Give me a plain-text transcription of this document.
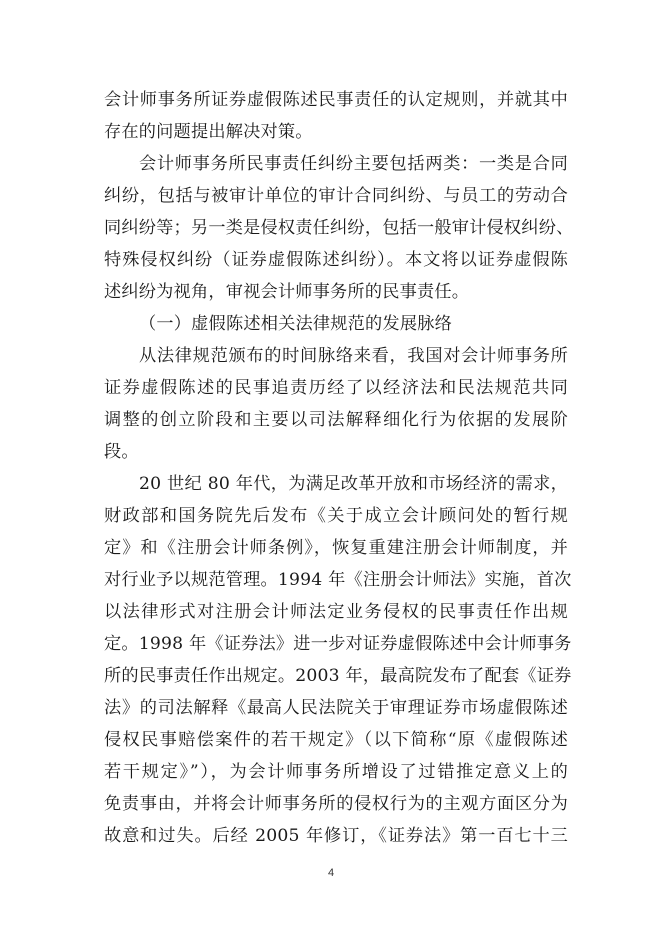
会计师事务所证券虚假陈述民事责任的认定规则，并就其中
存在的问题提出解决对策。
会计师事务所民事责任纠纷主要包括两类：一类是合同
纠纷，包括与被审计单位的审计合同纠纷、与员工的劳动合
同纠纷等；另一类是侵权责任纠纷，包括一般审计侵权纠纷、
特殊侵权纠纷（证券虚假陈述纠纷）。本文将以证券虚假陈
述纠纷为视角，审视会计师事务所的民事责任。
（一）虚假陈述相关法律规范的发展脉络
从法律规范颁布的时间脉络来看，我国对会计师事务所
证券虚假陈述的民事追责历经了以经济法和民法规范共同
调整的创立阶段和主要以司法解释细化行为依据的发展阶
段。
20 世纪 80 年代，为满足改革开放和市场经济的需求，
财政部和国务院先后发布《关于成立会计顾问处的暂行规
定》和《注册会计师条例》，恢复重建注册会计师制度，并
对行业予以规范管理。1994 年《注册会计师法》实施，首次
以法律形式对注册会计师法定业务侵权的民事责任作出规
定。1998 年《证券法》进一步对证券虚假陈述中会计师事务
所的民事责任作出规定。2003 年，最高院发布了配套《证券
法》的司法解释《最高人民法院关于审理证券市场虚假陈述
侵权民事赔偿案件的若干规定》（以下简称“原《虚假陈述
若干规定》”），为会计师事务所增设了过错推定意义上的
免责事由，并将会计师事务所的侵权行为的主观方面区分为
故意和过失。后经 2005 年修订，《证券法》第一百七十三
4
